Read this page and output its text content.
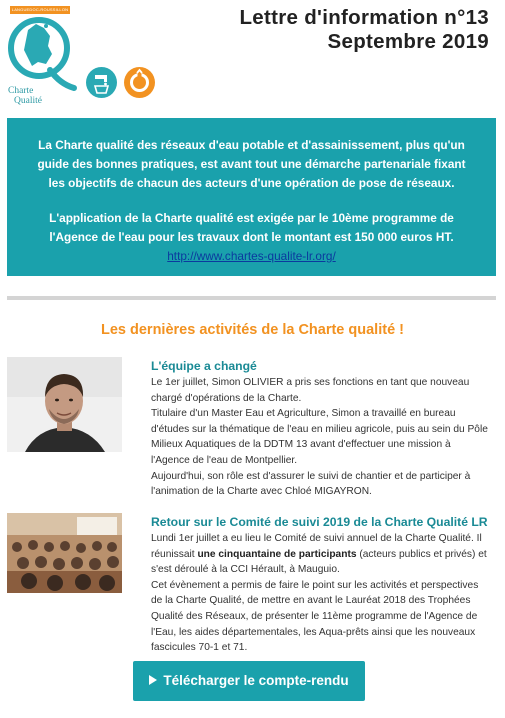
LANGUEDOC-ROUSSILLON
Charte
Qualité
Lettre d'information n°13
Septembre 2019

La Charte qualité des réseaux d'eau potable et d'assainissement, plus qu'un guide des bonnes pratiques, est avant tout une démarche partenariale fixant les objectifs de chacun des acteurs d'une opération de pose de réseaux.

L'application de la Charte qualité est exigée par le 10ème programme de l'Agence de l'eau pour les travaux dont le montant est 150 000 euros HT.

http://www.chartes-qualite-lr.org/

Les dernières activités de la Charte qualité !
L'équipe a changé
Le 1er juillet, Simon OLIVIER a pris ses fonctions en tant que nouveau chargé d'opérations de la Charte.
Titulaire d'un Master Eau et Agriculture, Simon a travaillé en bureau d'études sur la thématique de l'eau en milieu agricole, puis au sein du Pôle Milieux Aquatiques de la DDTM 13 avant d'effectuer une mission à l'Agence de l'eau de Montpellier.
Aujourd'hui, son rôle est d'assurer le suivi de chantier et de participer à l'animation de la Charte avec Chloé MIGAYRON.
Retour sur le Comité de suivi 2019 de la Charte Qualité LR
Lundi 1er juillet a eu lieu le Comité de suivi annuel de la Charte Qualité. Il réunissait une cinquantaine de participants (acteurs publics et privés) et s'est déroulé à la CCI Hérault, à Mauguio.
Cet évènement a permis de faire le point sur les activités et perspectives de la Charte Qualité, de mettre en avant le Lauréat 2018 des Trophées Qualité des Réseaux, de présenter le 11ème programme de l'Agence de l'Eau, les aides départementales, les Aqua-prêts ainsi que les nouveaux fascicules 70-1 et 71.
Télécharger le compte-rendu
